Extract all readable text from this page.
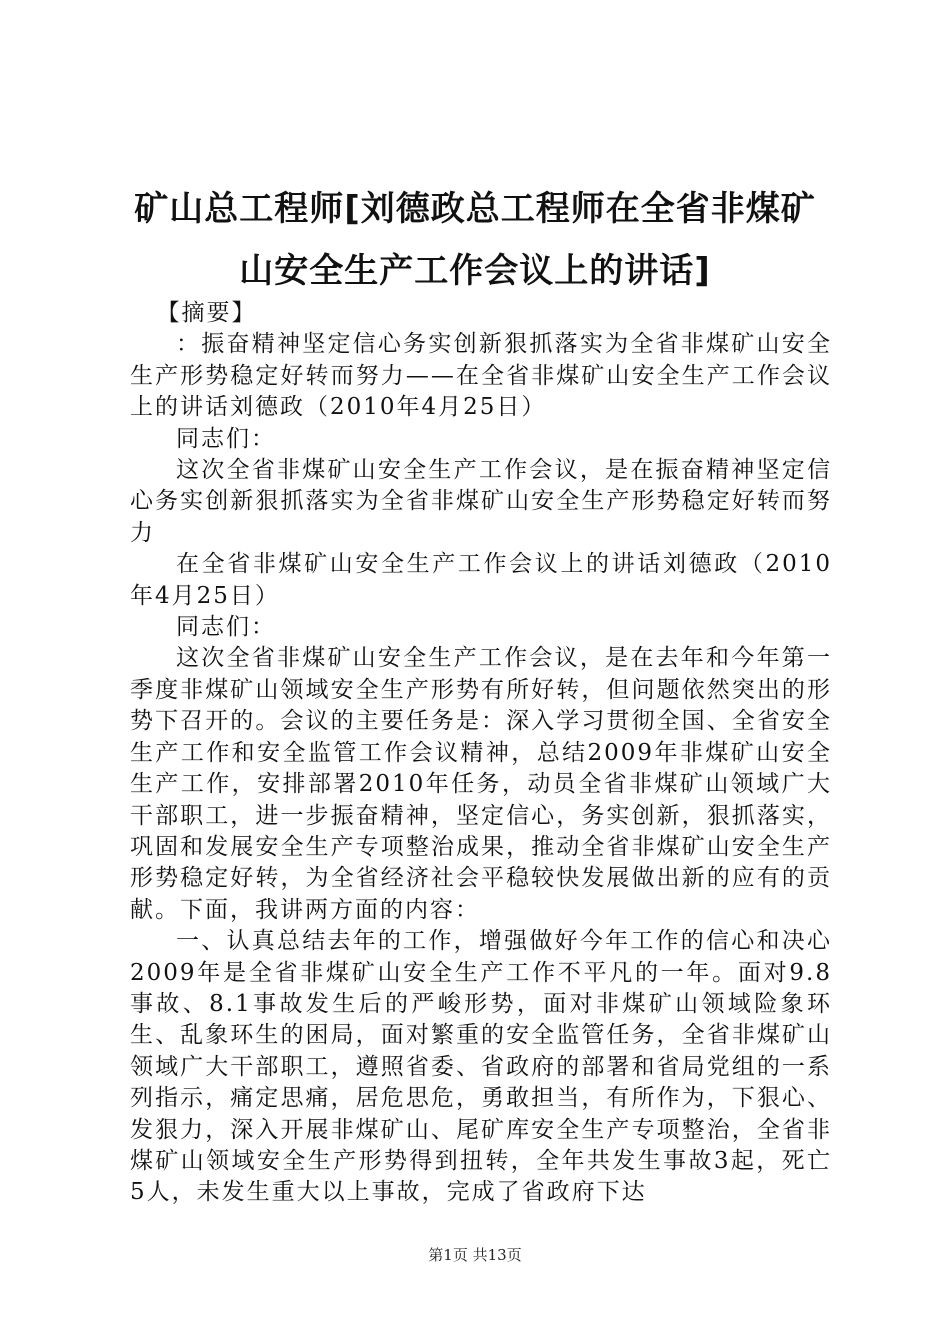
矿山总工程师[刘德政总工程师在全省非煤矿
山安全生产工作会议上的讲话]

【摘要】

：振奋精神坚定信心务实创新狠抓落实为全省非煤矿山安全生产形势稳定好转而努力——在全省非煤矿山安全生产工作会议上的讲话刘德政（2010年4月25日）

同志们：

这次全省非煤矿山安全生产工作会议，是在振奋精神坚定信心务实创新狠抓落实为全省非煤矿山安全生产形势稳定好转而努力

在全省非煤矿山安全生产工作会议上的讲话刘德政（2010年4月25日）

同志们：

这次全省非煤矿山安全生产工作会议，是在去年和今年第一季度非煤矿山领域安全生产形势有所好转，但问题依然突出的形势下召开的。会议的主要任务是：深入学习贯彻全国、全省安全生产工作和安全监管工作会议精神，总结2009年非煤矿山安全生产工作，安排部署2010年任务，动员全省非煤矿山领域广大干部职工，进一步振奋精神，坚定信心，务实创新，狠抓落实，巩固和发展安全生产专项整治成果，推动全省非煤矿山安全生产形势稳定好转，为全省经济社会平稳较快发展做出新的应有的贡献。下面，我讲两方面的内容：

一、认真总结去年的工作，增强做好今年工作的信心和决心2009年是全省非煤矿山安全生产工作不平凡的一年。面对9.8事故、8.1事故发生后的严峻形势，面对非煤矿山领域险象环生、乱象环生的困局，面对繁重的安全监管任务，全省非煤矿山领域广大干部职工，遵照省委、省政府的部署和省局党组的一系列指示，痛定思痛，居危思危，勇敢担当，有所作为，下狠心、发狠力，深入开展非煤矿山、尾矿库安全生产专项整治，全省非煤矿山领域安全生产形势得到扭转，全年共发生事故3起，死亡5人，未发生重大以上事故，完成了省政府下达

第1页 共13页
